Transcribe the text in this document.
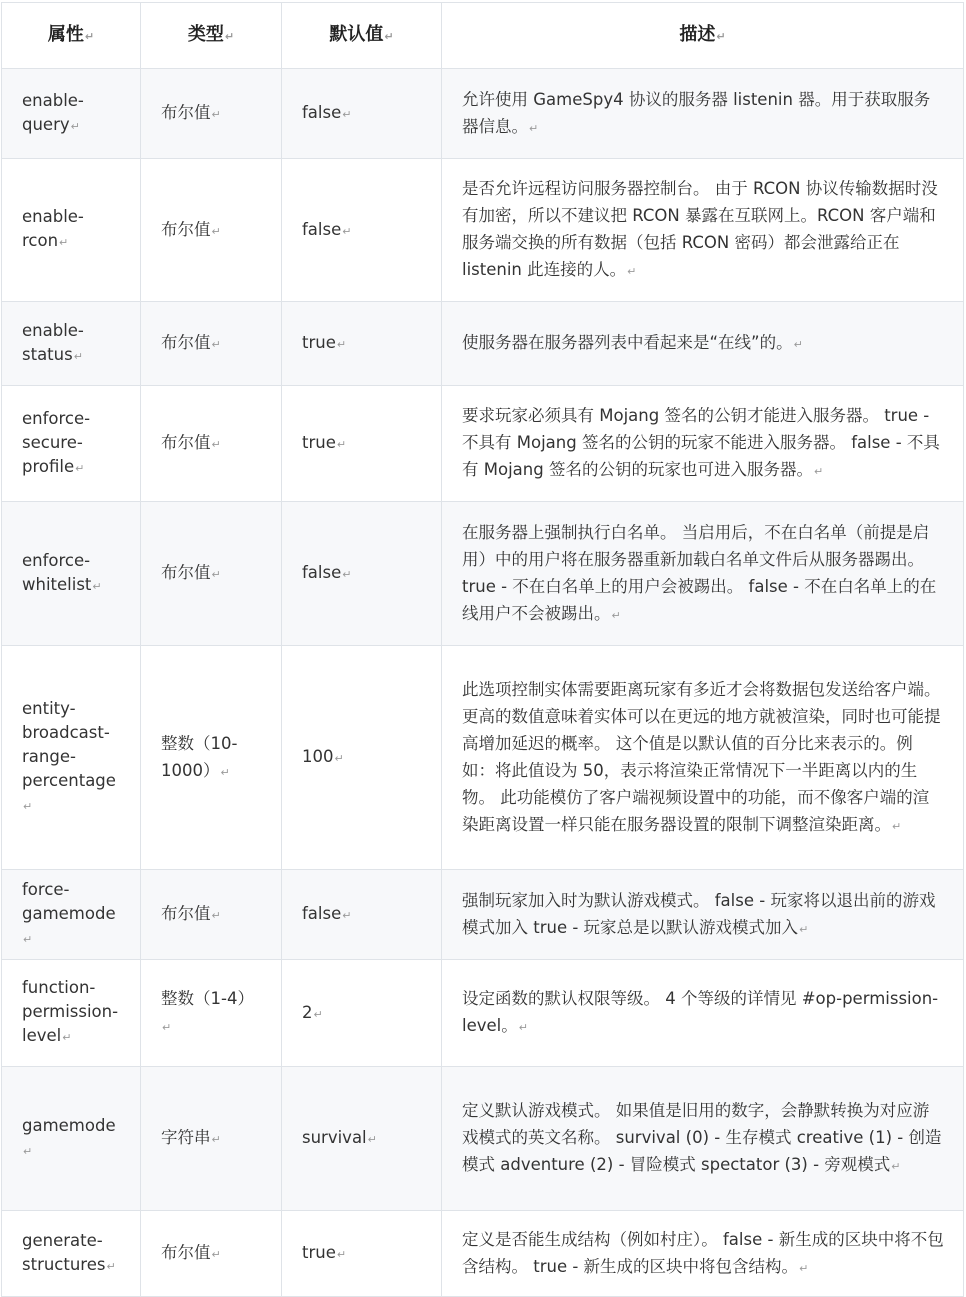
属性↵	类型↵	默认值↵	描述↵
enable-query↵	布尔值↵	false↵	允许使用 GameSpy4 协议的服务器 listenin 器。用于获取服务器信息。↵
enable-rcon↵	布尔值↵	false↵	是否允许远程访问服务器控制台。 由于 RCON 协议传输数据时没有加密，所以不建议把 RCON 暴露在互联网上。RCON 客户端和服务端交换的所有数据（包括 RCON 密码）都会泄露给正在 listenin 此连接的人。↵
enable-status↵	布尔值↵	true↵	使服务器在服务器列表中看起来是“在线”的。↵
enforce-secure-profile↵	布尔值↵	true↵	要求玩家必须具有 Mojang 签名的公钥才能进入服务器。 true - 不具有 Mojang 签名的公钥的玩家不能进入服务器。 false - 不具有 Mojang 签名的公钥的玩家也可进入服务器。↵
enforce-whitelist↵	布尔值↵	false↵	在服务器上强制执行白名单。 当启用后，不在白名单（前提是启用）中的用户将在服务器重新加载白名单文件后从服务器踢出。 true - 不在白名单上的用户会被踢出。 false - 不在白名单上的在线用户不会被踢出。↵
entity-broadcast-range-percentage↵	整数（10-1000）↵	100↵	此选项控制实体需要距离玩家有多近才会将数据包发送给客户端。更高的数值意味着实体可以在更远的地方就被渲染，同时也可能提高增加延迟的概率。 这个值是以默认值的百分比来表示的。例如：将此值设为 50，表示将渲染正常情况下一半距离以内的生物。 此功能模仿了客户端视频设置中的功能，而不像客户端的渲染距离设置一样只能在服务器设置的限制下调整渲染距离。↵
force-gamemode↵	布尔值↵	false↵	强制玩家加入时为默认游戏模式。 false - 玩家将以退出前的游戏模式加入 true - 玩家总是以默认游戏模式加入↵
function-permission-level↵	整数（1-4）↵	2↵	设定函数的默认权限等级。 4 个等级的详情见 #op-permission-level。↵
gamemode↵	字符串↵	survival↵	定义默认游戏模式。 如果值是旧用的数字，会静默转换为对应游戏模式的英文名称。 survival (0) - 生存模式 creative (1) - 创造模式 adventure (2) - 冒险模式 spectator (3) - 旁观模式↵
generate-structures↵	布尔值↵	true↵	定义是否能生成结构（例如村庄）。 false - 新生成的区块中将不包含结构。 true - 新生成的区块中将包含结构。↵
